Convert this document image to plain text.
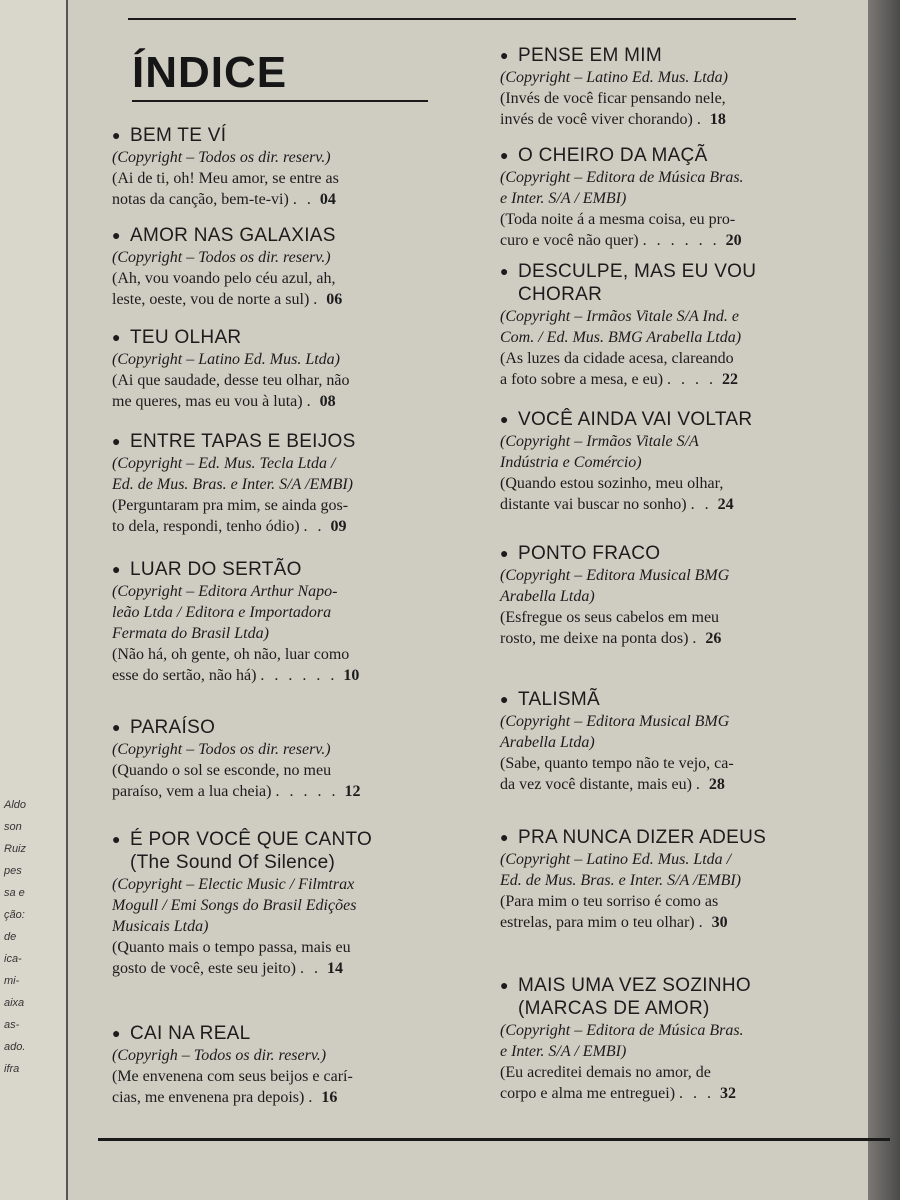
Aldo
son
Ruiz
pes
sa e
ção:
de
ica-
mi-
aixa
as-
ado.
ifra
ÍNDICE
● BEM TE VÍ
(Copyright – Todos os dir. reserv.)
(Ai de ti, oh! Meu amor, se entre as
notas da canção, bem-te-vi) . . 04
● AMOR NAS GALAXIAS
(Copyright – Todos os dir. reserv.)
(Ah, vou voando pelo céu azul, ah,
leste, oeste, vou de norte a sul) . 06
● TEU OLHAR
(Copyright – Latino Ed. Mus. Ltda)
(Ai que saudade, desse teu olhar, não
me queres, mas eu vou à luta) . 08
● ENTRE TAPAS E BEIJOS
(Copyright – Ed. Mus. Tecla Ltda /
Ed. de Mus. Bras. e Inter. S/A /EMBI)
(Perguntaram pra mim, se ainda gos-
to dela, respondi, tenho ódio) . . 09
● LUAR DO SERTÃO
(Copyright – Editora Arthur Napo-
leão Ltda / Editora e Importadora
Fermata do Brasil Ltda)
(Não há, oh gente, oh não, luar como
esse do sertão, não há) . . . . . . 10
● PARAÍSO
(Copyright – Todos os dir. reserv.)
(Quando o sol se esconde, no meu
paraíso, vem a lua cheia) . . . . . 12
● É POR VOCÊ QUE CANTO
(The Sound Of Silence)
(Copyright – Electic Music / Filmtrax
Mogull / Emi Songs do Brasil Edições
Musicais Ltda)
(Quanto mais o tempo passa, mais eu
gosto de você, este seu jeito) . . 14
● CAI NA REAL
(Copyrigh – Todos os dir. reserv.)
(Me envenena com seus beijos e carí-
cias, me envenena pra depois) . 16
● PENSE EM MIM
(Copyright – Latino Ed. Mus. Ltda)
(Invés de você ficar pensando nele,
invés de você viver chorando) . 18
● O CHEIRO DA MAÇÃ
(Copyright – Editora de Música Bras.
e Inter. S/A / EMBI)
(Toda noite á a mesma coisa, eu pro-
curo e você não quer) . . . . . . 20
● DESCULPE, MAS EU VOU
CHORAR
(Copyright – Irmãos Vitale S/A Ind. e
Com. / Ed. Mus. BMG Arabella Ltda)
(As luzes da cidade acesa, clareando
a foto sobre a mesa, e eu) . . . . 22
● VOCÊ AINDA VAI VOLTAR
(Copyright – Irmãos Vitale S/A
Indústria e Comércio)
(Quando estou sozinho, meu olhar,
distante vai buscar no sonho) . . 24
● PONTO FRACO
(Copyright – Editora Musical BMG
Arabella Ltda)
(Esfregue os seus cabelos em meu
rosto, me deixe na ponta dos) . 26
● TALISMÃ
(Copyright – Editora Musical BMG
Arabella Ltda)
(Sabe, quanto tempo não te vejo, ca-
da vez você distante, mais eu) . 28
● PRA NUNCA DIZER ADEUS
(Copyright – Latino Ed. Mus. Ltda /
Ed. de Mus. Bras. e Inter. S/A /EMBI)
(Para mim o teu sorriso é como as
estrelas, para mim o teu olhar) . 30
● MAIS UMA VEZ SOZINHO
(MARCAS DE AMOR)
(Copyright – Editora de Música Bras.
e Inter. S/A / EMBI)
(Eu acreditei demais no amor, de
corpo e alma me entreguei) . . . 32
